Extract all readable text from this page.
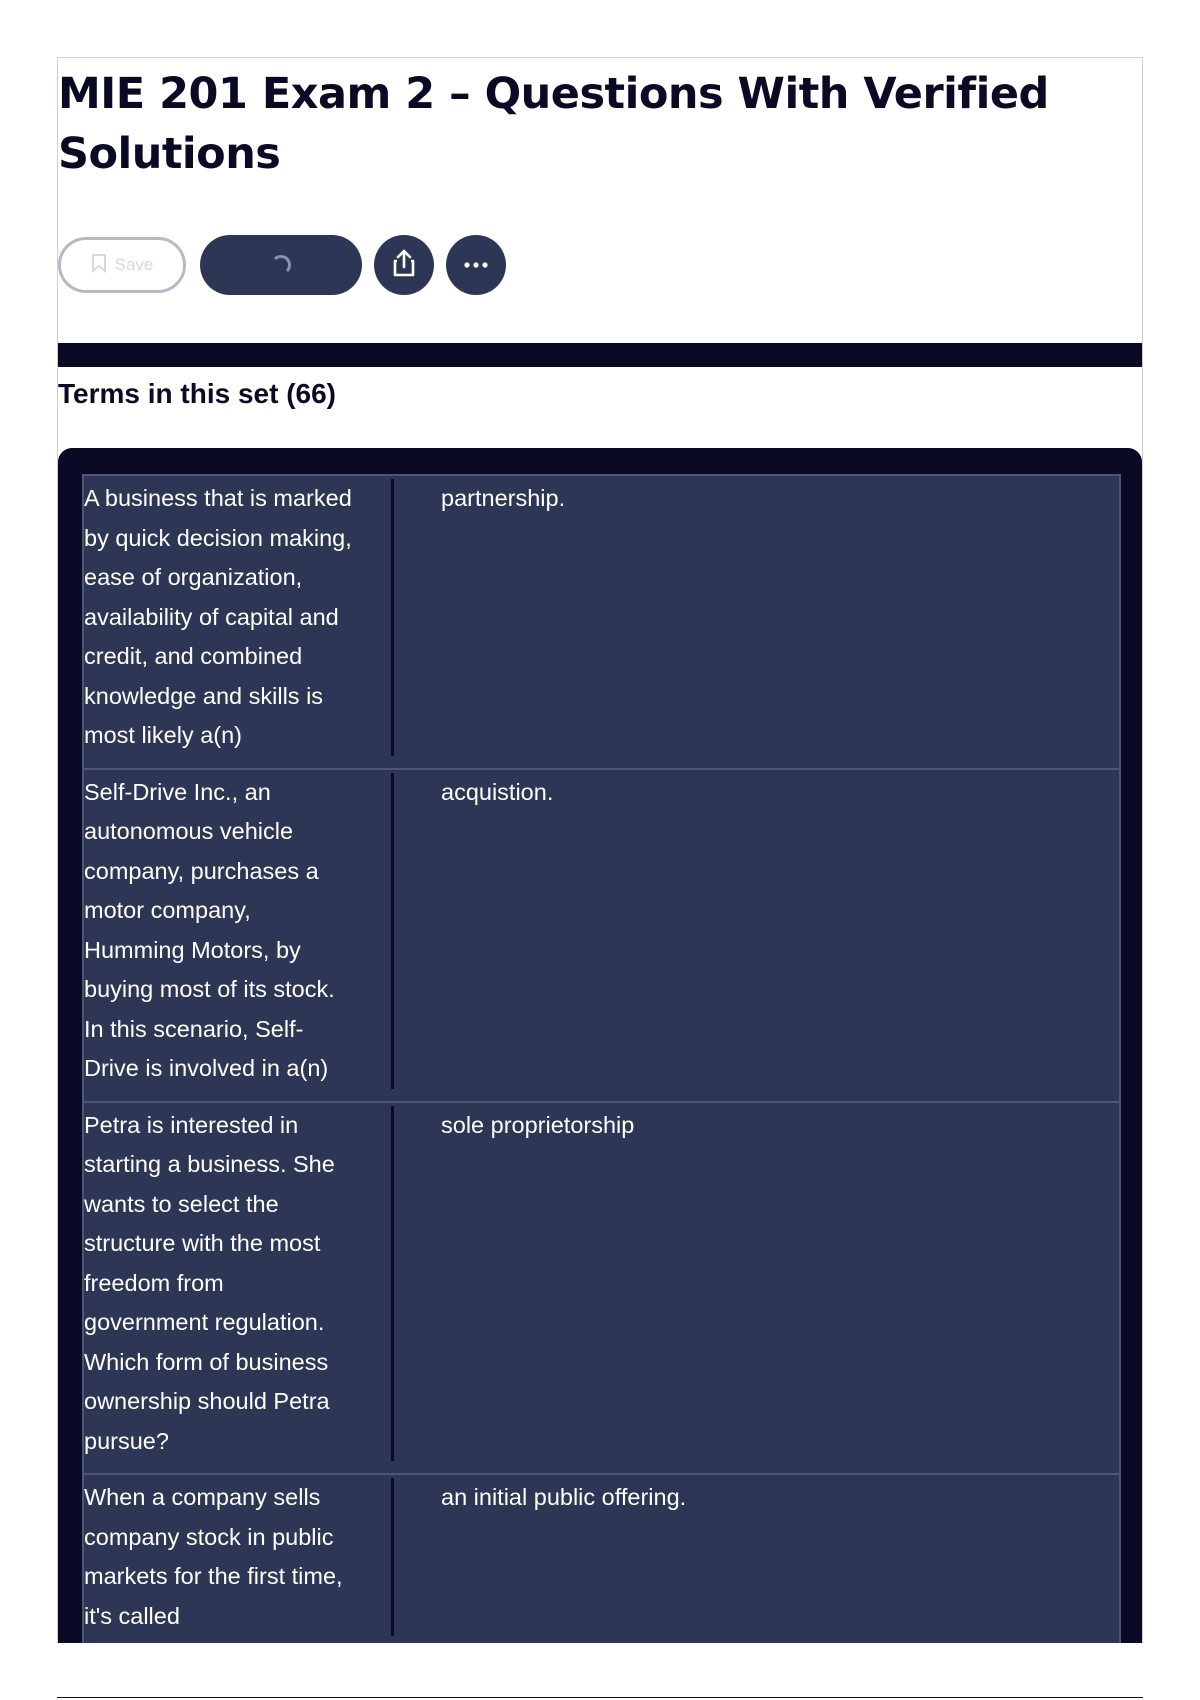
MIE 201 Exam 2 – Questions With Verified Solutions
Save
Terms in this set (66)
A business that is marked
by quick decision making,
ease of organization,
availability of capital and
credit, and combined
knowledge and skills is
most likely a(n)
partnership.
Self-Drive Inc., an
autonomous vehicle
company, purchases a
motor company,
Humming Motors, by
buying most of its stock.
In this scenario, Self-
Drive is involved in a(n)
acquistion.
Petra is interested in
starting a business. She
wants to select the
structure with the most
freedom from
government regulation.
Which form of business
ownership should Petra
pursue?
sole proprietorship
When a company sells
company stock in public
markets for the first time,
it's called
an initial public offering.
